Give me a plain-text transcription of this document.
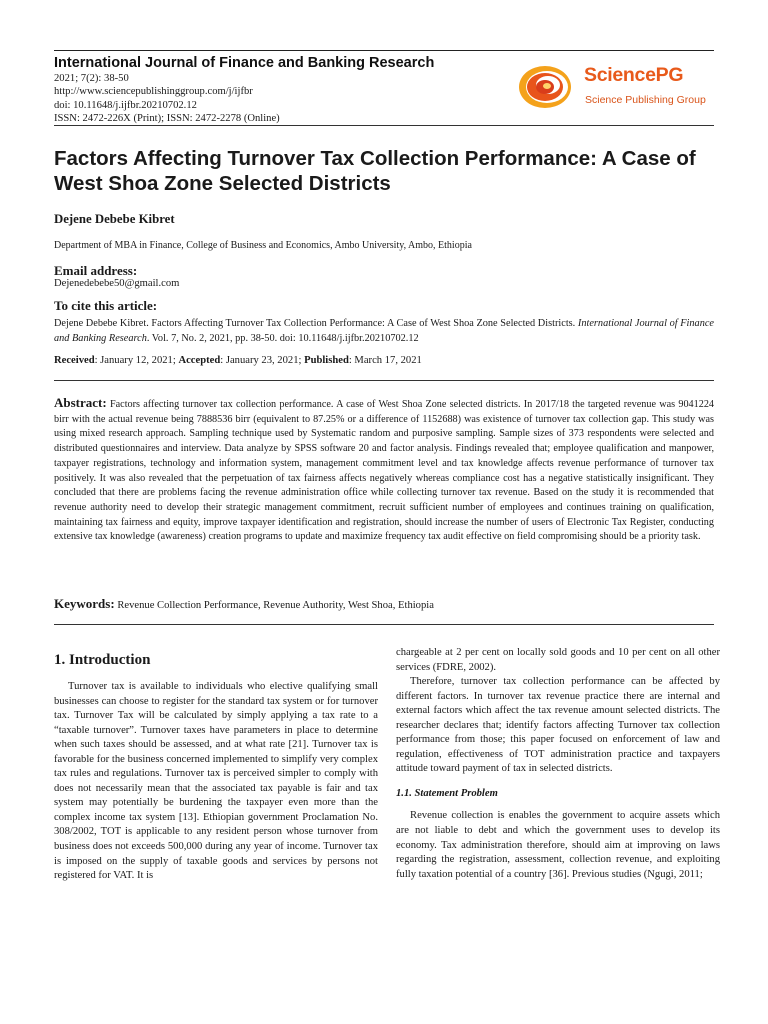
International Journal of Finance and Banking Research
2021; 7(2): 38-50
http://www.sciencepublishinggroup.com/j/ijfbr
doi: 10.11648/j.ijfbr.20210702.12
ISSN: 2472-226X (Print); ISSN: 2472-2278 (Online)
SciencePG
Science Publishing Group
Factors Affecting Turnover Tax Collection Performance: A Case of West Shoa Zone Selected Districts
Dejene Debebe Kibret
Department of MBA in Finance, College of Business and Economics, Ambo University, Ambo, Ethiopia
Email address:
Dejenedebebe50@gmail.com
To cite this article:
Dejene Debebe Kibret. Factors Affecting Turnover Tax Collection Performance: A Case of West Shoa Zone Selected Districts. International Journal of Finance and Banking Research. Vol. 7, No. 2, 2021, pp. 38-50. doi: 10.11648/j.ijfbr.20210702.12
Received: January 12, 2021; Accepted: January 23, 2021; Published: March 17, 2021
Abstract: Factors affecting turnover tax collection performance. A case of West Shoa Zone selected districts. In 2017/18 the targeted revenue was 9041224 birr with the actual revenue being 7888536 birr (equivalent to 87.25% or a difference of 1152688) was existence of turnover tax collection gap. This study was using mixed research approach. Sampling technique used by Systematic random and purposive sampling. Sample sizes of 373 respondents were selected and distributed questionnaires and interview. Data analyze by SPSS software 20 and factor analysis. Findings revealed that; employee qualification and manpower, taxpayer registrations, technology and information system, management commitment level and tax knowledge affects revenue performance of turnover tax positively. It was also revealed that the perpetuation of tax fairness affects negatively whereas compliance cost has a negative statistically insignificant. They concluded that there are problems facing the revenue administration office while collecting turnover tax revenue. Based on the study it is recommended that revenue authority need to develop their strategic management commitment, recruit sufficient number of employees and continues training on qualification, maintaining tax fairness and equity, improve taxpayer identification and registration, should increase the number of users of Electronic Tax Register, conducting extensive tax knowledge (awareness) creation programs to update and maximize frequency tax audit effective on field compromising should be a priority task.
Keywords: Revenue Collection Performance, Revenue Authority, West Shoa, Ethiopia
1. Introduction

Turnover tax is available to individuals who elective qualifying small businesses can choose to register for the standard tax system or for turnover tax. Turnover Tax will be calculated by simply applying a tax rate to a “taxable turnover”. Turnover taxes have parameters in place to determine when such taxes should be assessed, and at what rate [21]. Turnover tax is favorable for the business concerned implemented to simplify very complex tax rules and regulations. Turnover tax is perceived simpler to comply with does not necessarily mean that the associated tax payable is fair and tax system may potentially be burdening the taxpayer even more than the complex income tax system [13]. Ethiopian government Proclamation No. 308/2002, TOT is applicable to any resident person whose turnover from business does not exceeds 500,000 during any year of income. Turnover tax is imposed on the supply of taxable goods and services by persons not registered for VAT. It is

chargeable at 2 per cent on locally sold goods and 10 per cent on all other services (FDRE, 2002).

Therefore, turnover tax collection performance can be affected by different factors. In turnover tax revenue practice there are internal and external factors which affect the tax revenue amount selected districts. The researcher declares that; identify factors affecting Turnover tax collection performance from those; this paper focused on enforcement of law and regulation, effectiveness of TOT administration practice and taxpayers attitude toward payment of tax in selected districts.

1.1. Statement Problem

Revenue collection is enables the government to acquire assets which are not liable to debt and which the government uses to develop its economy. Tax administration therefore, should aim at improving on laws regarding the registration, assessment, collection revenue, and exploiting fully taxation potential of a country [36]. Previous studies (Ngugi, 2011;
